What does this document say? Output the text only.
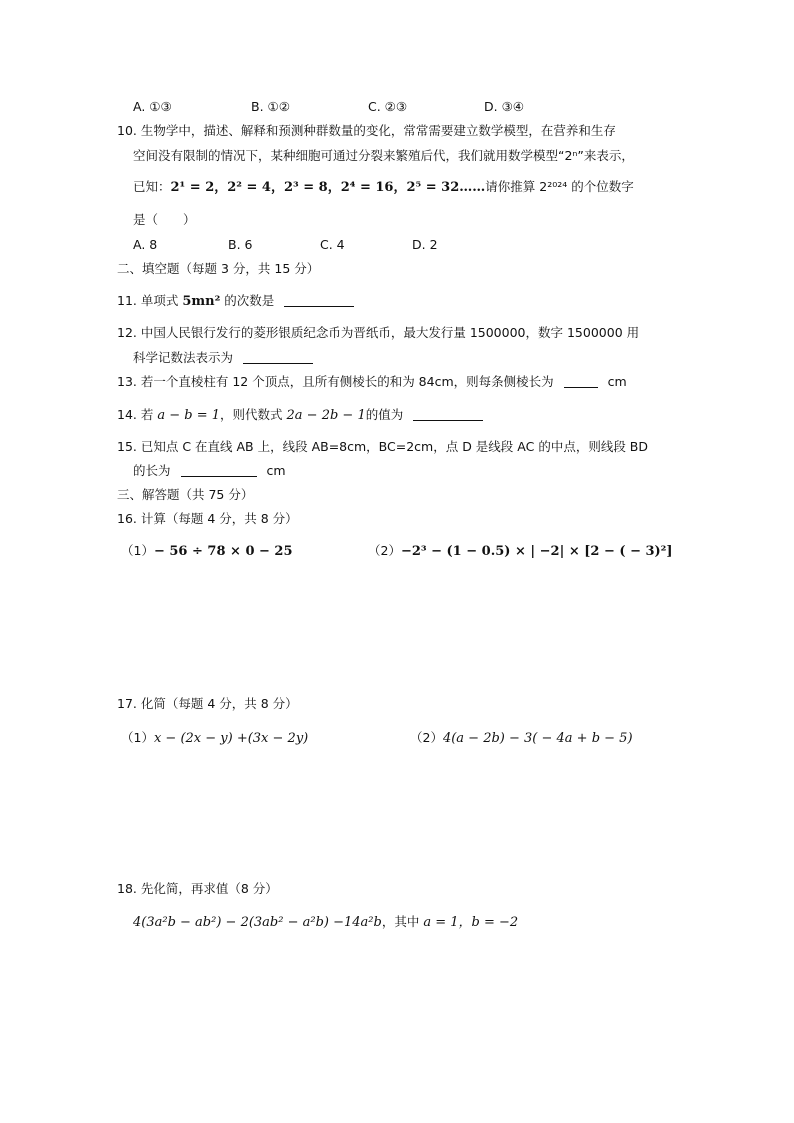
A. ①③	B. ①②	C. ②③	D. ③④
10. 生物学中，描述、解释和预测种群数量的变化，常常需要建立数学模型，在营养和生存
空间没有限制的情况下，某种细胞可通过分裂来繁殖后代，我们就用数学模型“2ⁿ”来表示，
已知：2¹ = 2，2² = 4，2³ = 8，2⁴ = 16，2⁵ = 32……请你推算 2²⁰²⁴ 的个位数字
是（　　）
A. 8	B. 6	C. 4	D. 2
二、填空题（每题 3 分，共 15 分）
11. 单项式 5mn² 的次数是
12. 中国人民银行发行的菱形银质纪念币为晋纸币，最大发行量 1500000，数字 1500000 用
科学记数法表示为
13. 若一个直棱柱有 12 个顶点，且所有侧棱长的和为 84cm，则每条侧棱长为	cm
14. 若 a − b = 1，则代数式 2a − 2b − 1的值为
15. 已知点 C 在直线 AB 上，线段 AB=8cm，BC=2cm，点 D 是线段 AC 的中点，则线段 BD
的长为	cm
三、解答题（共 75 分）
16. 计算（每题 4 分，共 8 分）
（1）− 56 ÷ 78 × 0 − 25	（2）−2³ − (1 − 0.5) × | −2| × [2 − ( − 3)²]
17. 化简（每题 4 分，共 8 分）
（1）x − (2x − y) +(3x − 2y)	（2）4(a − 2b) − 3( − 4a + b − 5)
18. 先化简，再求值（8 分）
4(3a²b − ab²) − 2(3ab² − a²b) −14a²b，其中 a = 1，b = −2
